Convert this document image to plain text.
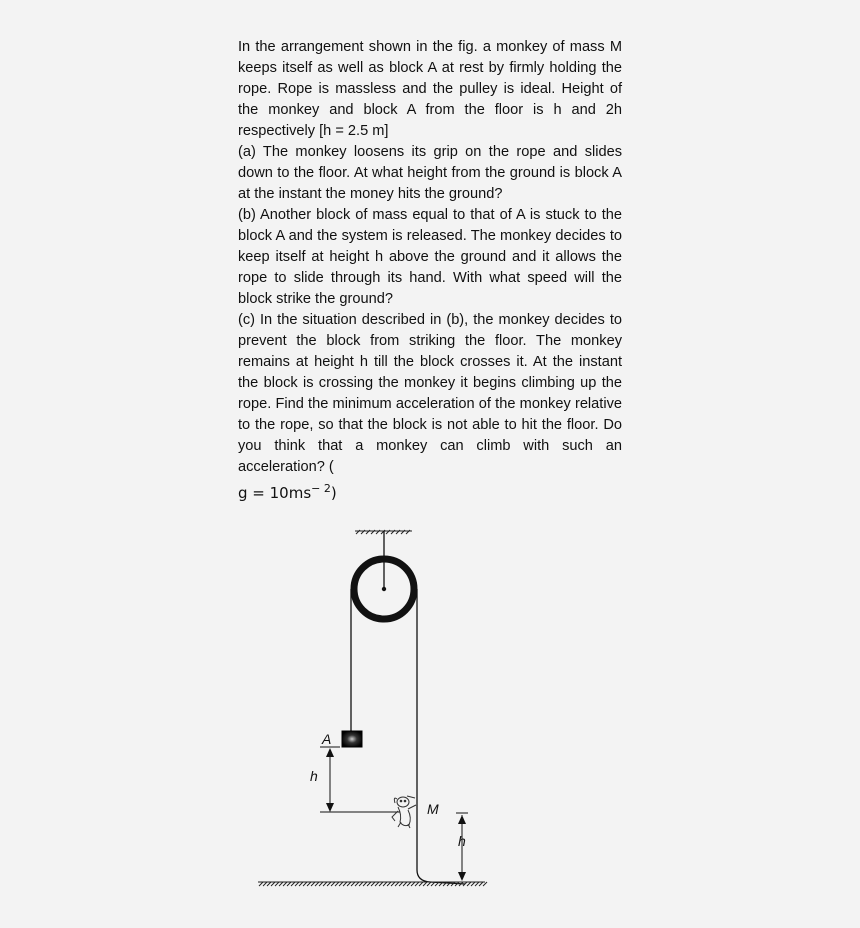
In the arrangement shown in the fig. a monkey of mass M keeps itself as well as block A at rest by firmly holding the rope. Rope is massless and the pulley is ideal. Height of the monkey and block A from the floor is h and 2h respectively [h = 2.5 m]

(a) The monkey loosens its grip on the rope and slides down to the floor. At what height from the ground is block A at the instant the money hits the ground?

(b) Another block of mass equal to that of A is stuck to the block A and the system is released. The monkey decides to keep itself at height h above the ground and it allows the rope to slide through its hand. With what speed will the block strike the ground?

(c) In the situation described in (b), the monkey decides to prevent the block from striking the floor. The monkey remains at height h till the block crosses it. At the instant the block is crossing the monkey it begins climbing up the rope. Find the minimum acceleration of the monkey relative to the rope, so that the block is not able to hit the floor. Do you think that a monkey can climb with such an acceleration? (

$g = 10ms^{- 2}$)

A
h
M
h
